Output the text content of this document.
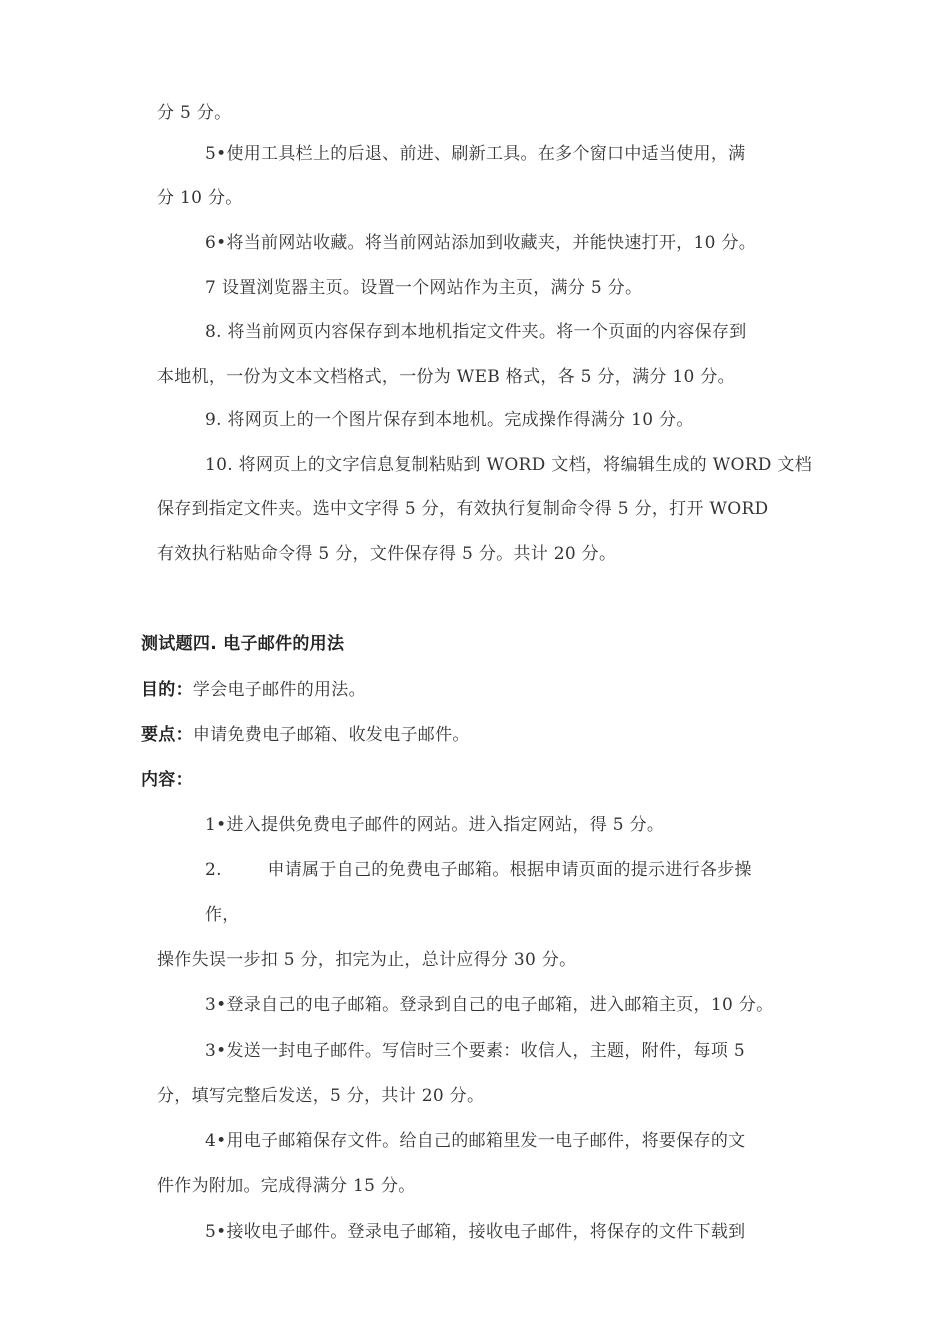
分 5 分。
5•使用工具栏上的后退、前进、刷新工具。在多个窗口中适当使用，满
分 10 分。
6•将当前网站收藏。将当前网站添加到收藏夹，并能快速打开，10 分。
7 设置浏览器主页。设置一个网站作为主页，满分 5 分。
8. 将当前网页内容保存到本地机指定文件夹。将一个页面的内容保存到
本地机，一份为文本文档格式，一份为 WEB 格式，各 5 分，满分 10 分。
9. 将网页上的一个图片保存到本地机。完成操作得满分 10 分。
10. 将网页上的文字信息复制粘贴到 WORD 文档，将编辑生成的 WORD 文档
保存到指定文件夹。选中文字得 5 分，有效执行复制命令得 5 分，打开 WORD
有效执行粘贴命令得 5 分，文件保存得 5 分。共计 20 分。
测试题四. 电子邮件的用法
目的：学会电子邮件的用法。
要点：申请免费电子邮箱、收发电子邮件。
内容：
1•进入提供免费电子邮件的网站。进入指定网站，得 5 分。
2.        申请属于自己的免费电子邮箱。根据申请页面的提示进行各步操
作，
操作失误一步扣 5 分，扣完为止，总计应得分 30 分。
3•登录自己的电子邮箱。登录到自己的电子邮箱，进入邮箱主页，10 分。
3•发送一封电子邮件。写信时三个要素：收信人，主题，附件，每项 5
分，填写完整后发送，5 分，共计 20 分。
4•用电子邮箱保存文件。给自己的邮箱里发一电子邮件，将要保存的文
件作为附加。完成得满分 15 分。
5•接收电子邮件。登录电子邮箱，接收电子邮件，将保存的文件下载到
